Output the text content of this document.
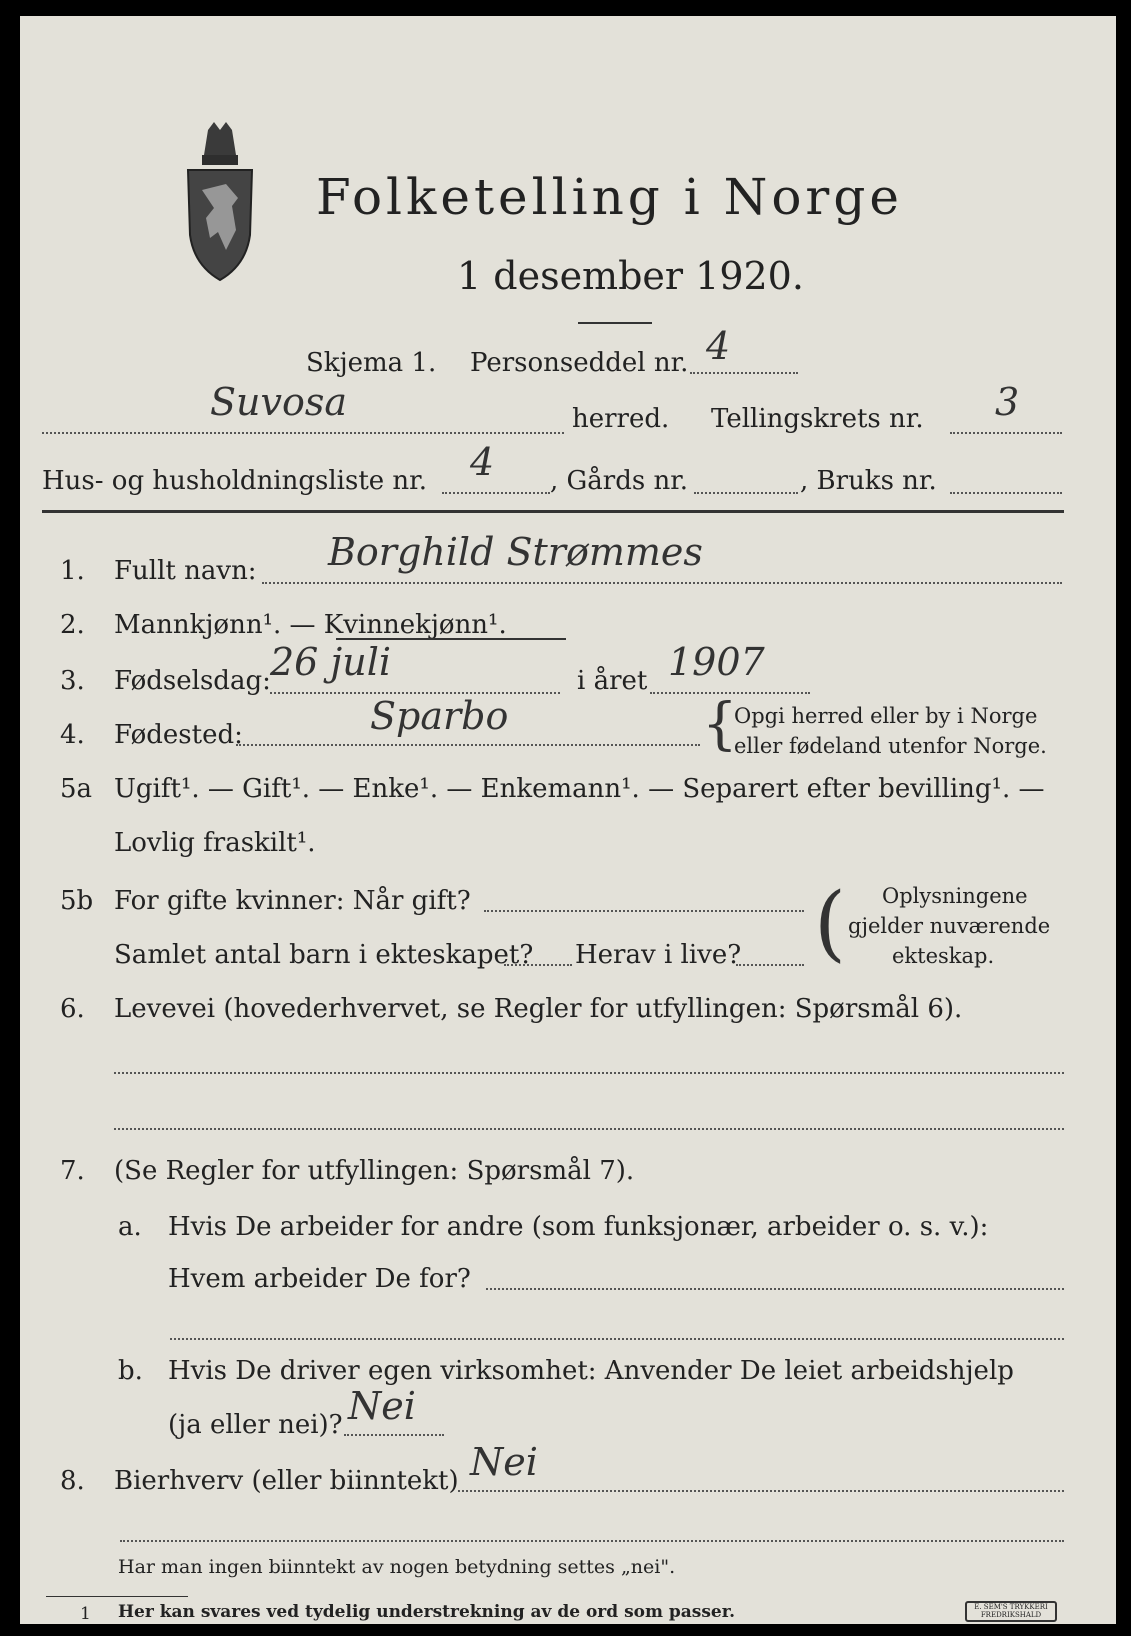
Folketelling i Norge
1 desember 1920.
Skjema 1. Personseddel nr. 4
Suvosa	herred. Tellingskrets nr. 3
Hus- og husholdningsliste nr. 4 , Gårds nr.	, Bruks nr.
1. Fullt navn: Borghild Strømmes
2. Mannkjønn¹. — Kvinnekjønn¹.
3. Fødselsdag: 26 juli	i året 1907
4. Fødested:	Sparbo	{
Opgi herred eller by i Norge
eller fødeland utenfor Norge.
5a Ugift¹. — Gift¹. — Enke¹. — Enkemann¹. — Separert efter bevilling¹. —
Lovlig fraskilt¹.
5b For gifte kvinner: Når gift?
Samlet antal barn i ekteskapet? Herav i live? ( Oplysningene
gjelder nuværende
ekteskap.
6. Levevei (hovederhvervet, se Regler for utfyllingen: Spørsmål 6).
7. (Se Regler for utfyllingen: Spørsmål 7).
a. Hvis De arbeider for andre (som funksjonær, arbeider o. s. v.):
Hvem arbeider De for?
b. Hvis De driver egen virksomhet: Anvender De leiet arbeidshjelp
(ja eller nei)? Nei
8. Bierhverv (eller biinntekt) Nei
Har man ingen biinntekt av nogen betydning settes „nei".
1 Her kan svares ved tydelig understrekning av de ord som passer.	E. SEM'S TRYKKERI
FREDRIKSHALD
